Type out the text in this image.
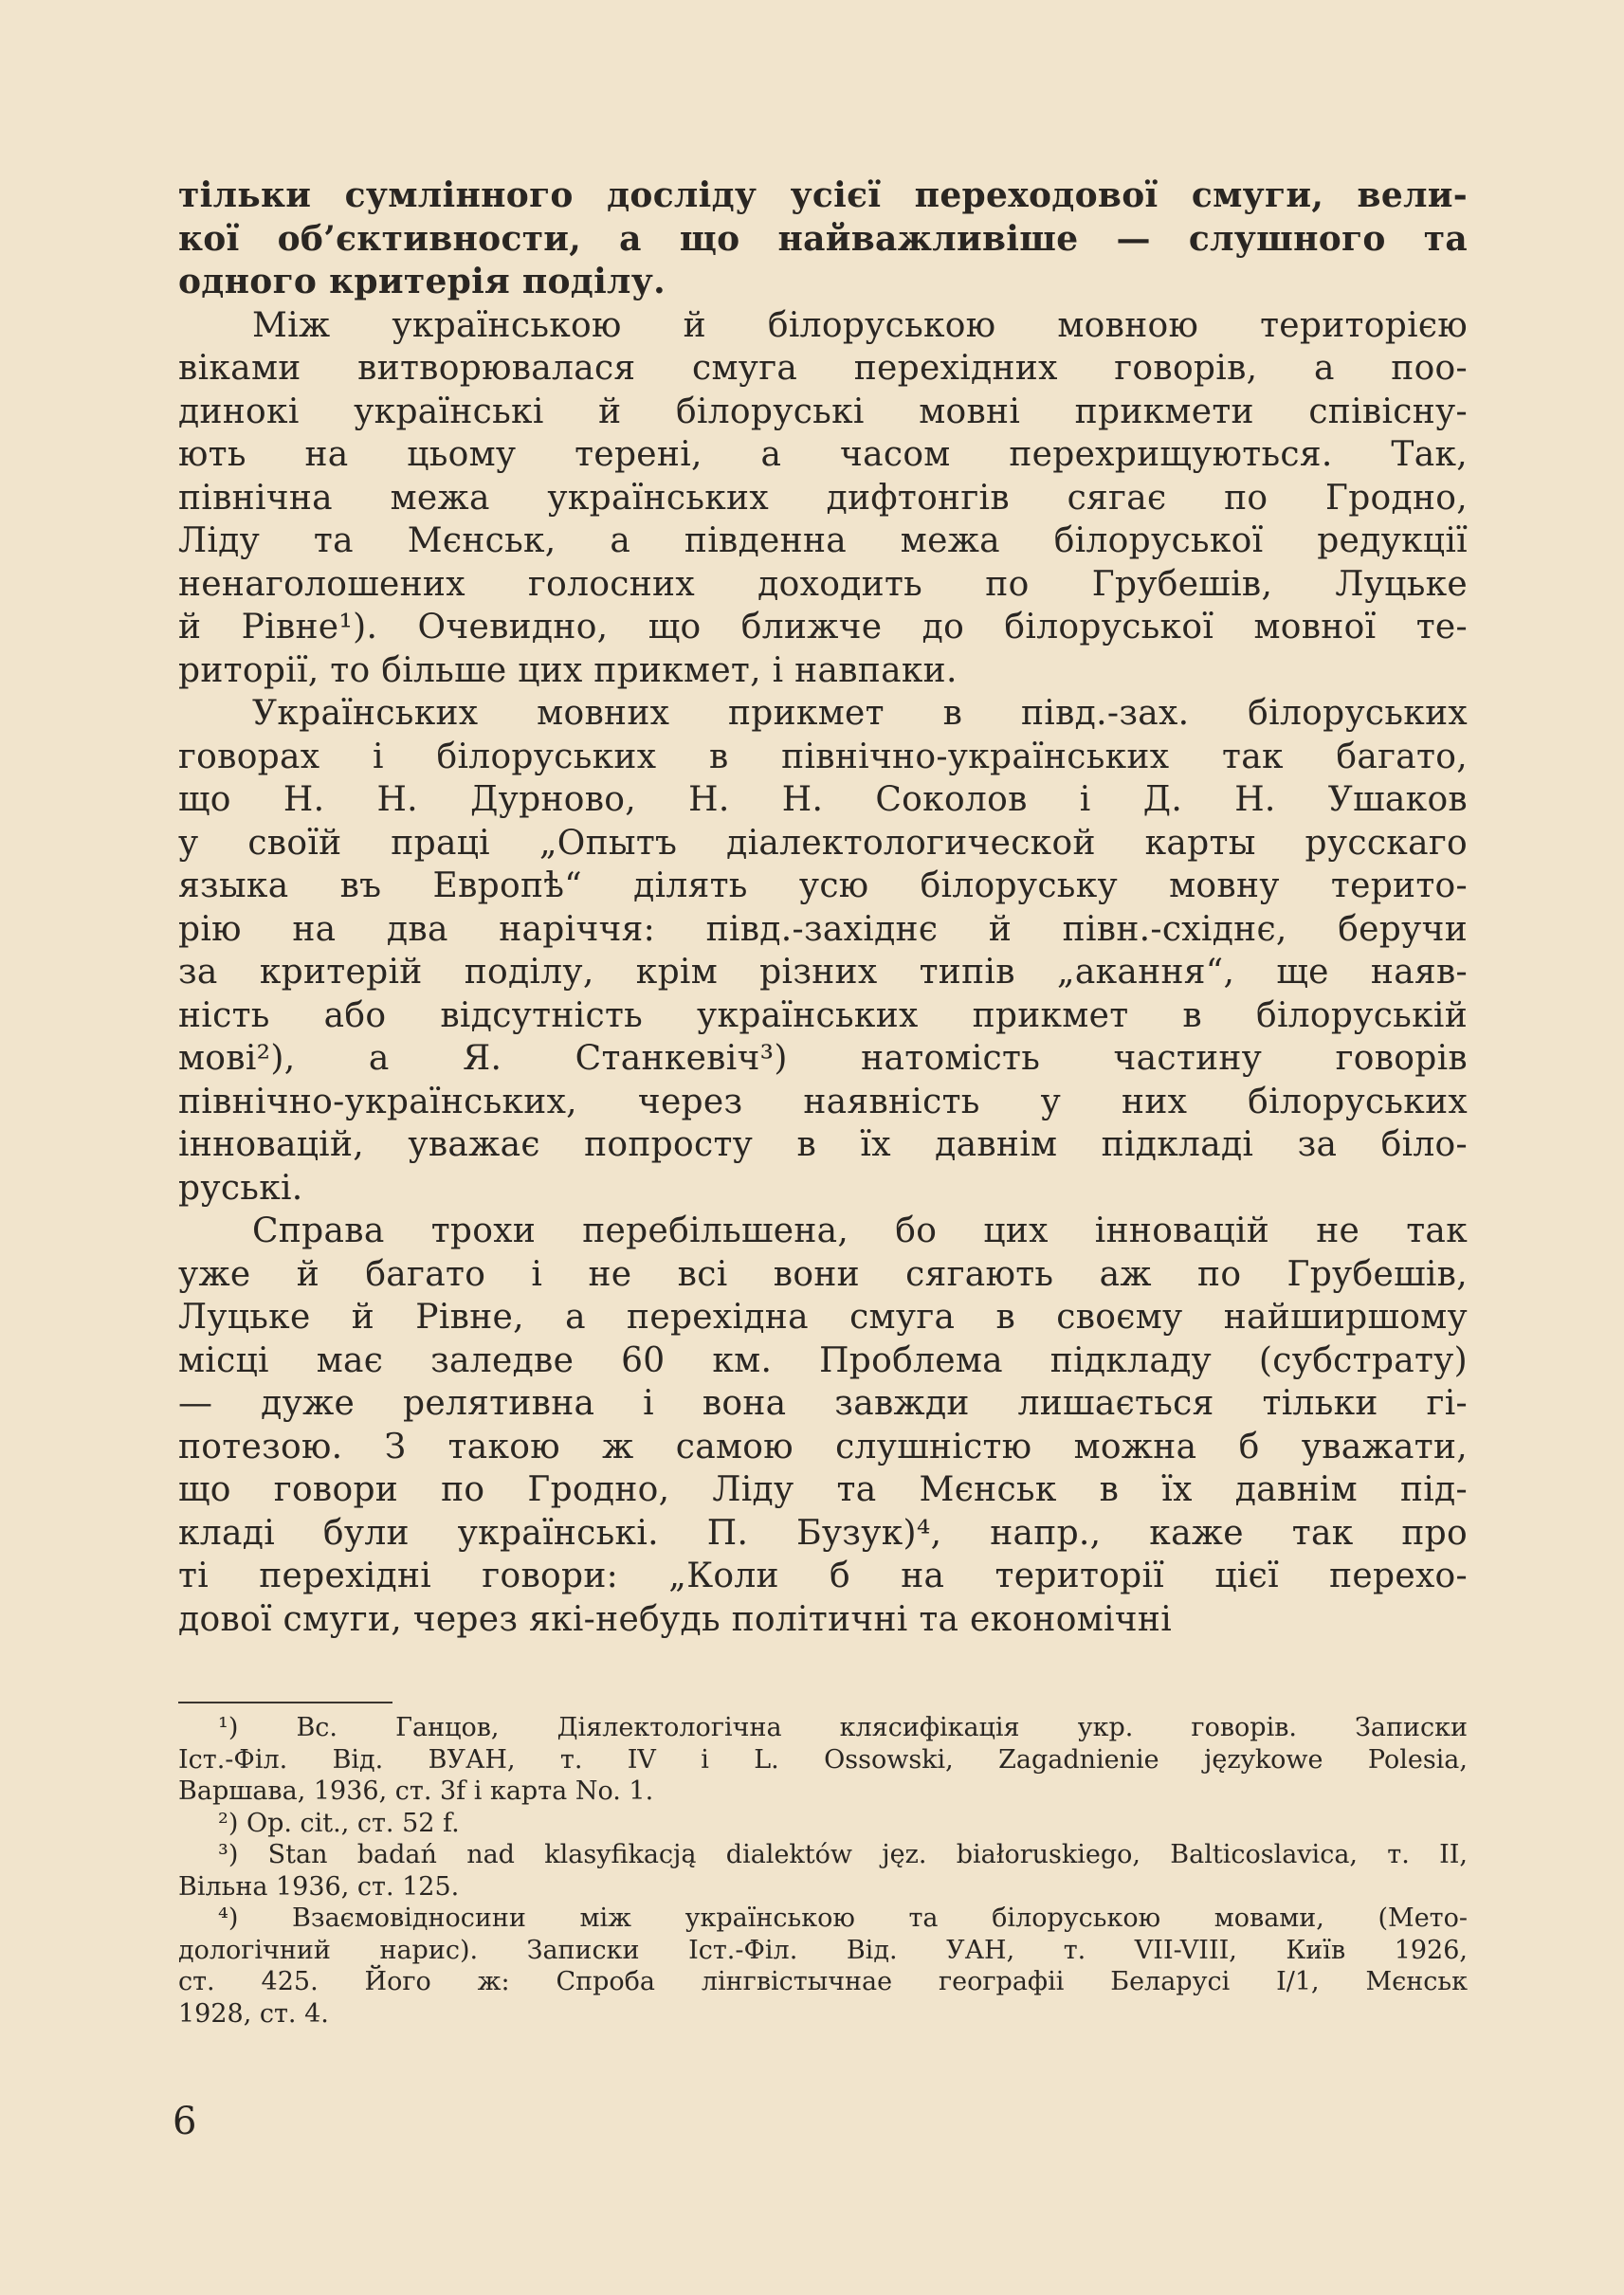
тільки сумлінного досліду усієї переходової смуги, вели-
кої об’єктивности, а що найважливіше — слушного та
одного критерія поділу.
Між українською й білоруською мовною територією
віками витворювалася смуга перехідних говорів, а поо-
динокі українські й білоруські мовні прикмети співісну-
ють на цьому терені, а часом перехрищуються. Так,
північна межа українських дифтонгів сягає по Гродно,
Ліду та Мєнськ, а південна межа білоруської редукції
ненаголошених голосних доходить по Грубешів, Луцьке
й Рівне¹). Очевидно, що ближче до білоруської мовної те-
риторії, то більше цих прикмет, і навпаки.
Українських мовних прикмет в півд.-зах. білоруських
говорах і білоруських в північно-українських так багато,
що Н. Н. Дурново, Н. Н. Соколов і Д. Н. Ушаков
у своїй праці „Опытъ діалектологической карты русскаго
языка въ Европѣ“ ділять усю білоруську мовну терито-
рію на два наріччя: півд.-західнє й півн.-східнє, беручи
за критерій поділу, крім різних типів „акання“, ще наяв-
ність або відсутність українських прикмет в білоруській
мові²), а Я. Станкевіч³) натомість частину говорів
північно-українських, через наявність у них білоруських
інновацій, уважає попросту в їх давнім підкладі за біло-
руські.
Справа трохи перебільшена, бо цих інновацій не так
уже й багато і не всі вони сягають аж по Грубешів,
Луцьке й Рівне, а перехідна смуга в своєму найширшому
місці має заледве 60 км. Проблема підкладу (субстрату)
— дуже релятивна і вона завжди лишається тільки гі-
потезою. З такою ж самою слушністю можна б уважати,
що говори по Гродно, Ліду та Мєнськ в їх давнім під-
кладі були українські. П. Бузук)⁴, напр., каже так про
ті перехідні говори: „Коли б на території цієї перехо-
дової смуги, через які-небудь політичні та економічні
¹) Вс. Ганцов, Діялектологічна клясифікація укр. говорів. Записки
Іст.-Філ. Від. ВУАН, т. IV і L. Ossowski, Zagadnienie językowe Polesia,
Варшава, 1936, ст. 3f і карта No. 1.
²) Op. cit., ст. 52 f.
³) Stan badań nad klasyfikacją dialektów jęz. białoruskiego, Balticoslavica, т. II,
Вільна 1936, ст. 125.
⁴) Взаємовідносини між українською та білоруською мовами, (Мето-
дологічний нарис). Записки Іст.-Філ. Від. УАН, т. VII-VIII, Київ 1926,
ст. 425. Його ж: Спроба лінгвістычнае географіі Беларусі I/1, Мєнськ
1928, ст. 4.
6
